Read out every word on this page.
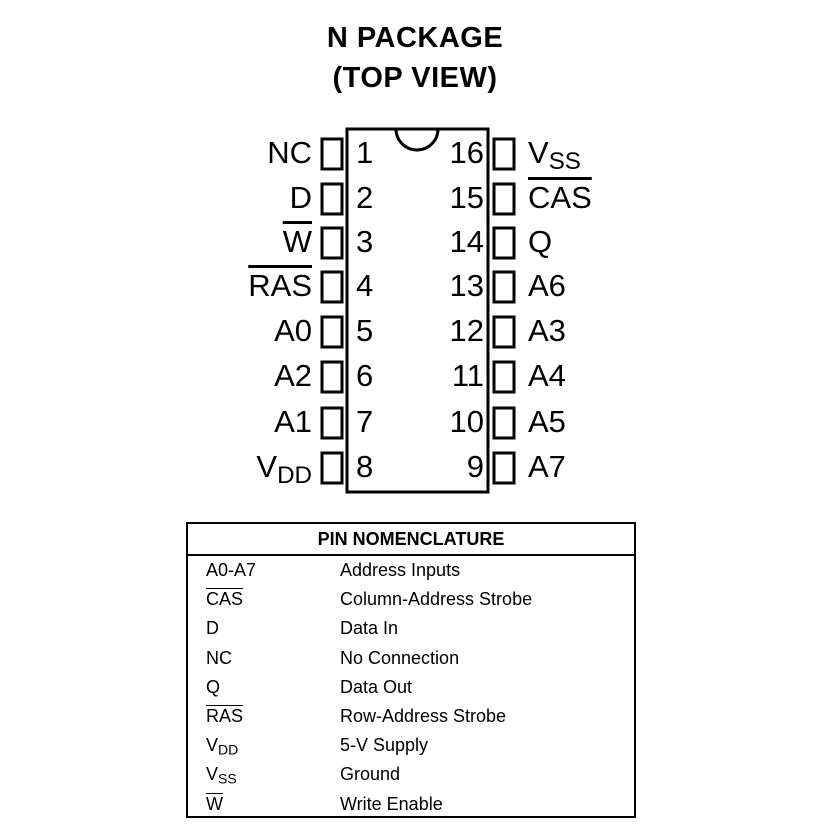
N PACKAGE
(TOP VIEW)
NC 1
D 2
$\overline{W}$ 3
$\overline{RAS}$ 4
A0 5
A2 6
A1 7
$V_{DD}$ 8
$V_{SS}$
16
$\overline{CAS}$
15
Q
14
A6
13
A3
12
A4
11
A5
10
A7
9
PIN NOMENCLATURE
A0-A7	Address Inputs
$\overline{CAS}$	Column-Address Strobe
D	Data In
NC	No Connection
Q	Data Out
$\overline{RAS}$	Row-Address Strobe
$V_{DD}$	5-V Supply
$V_{SS}$	Ground
$\overline{W}$	Write Enable
